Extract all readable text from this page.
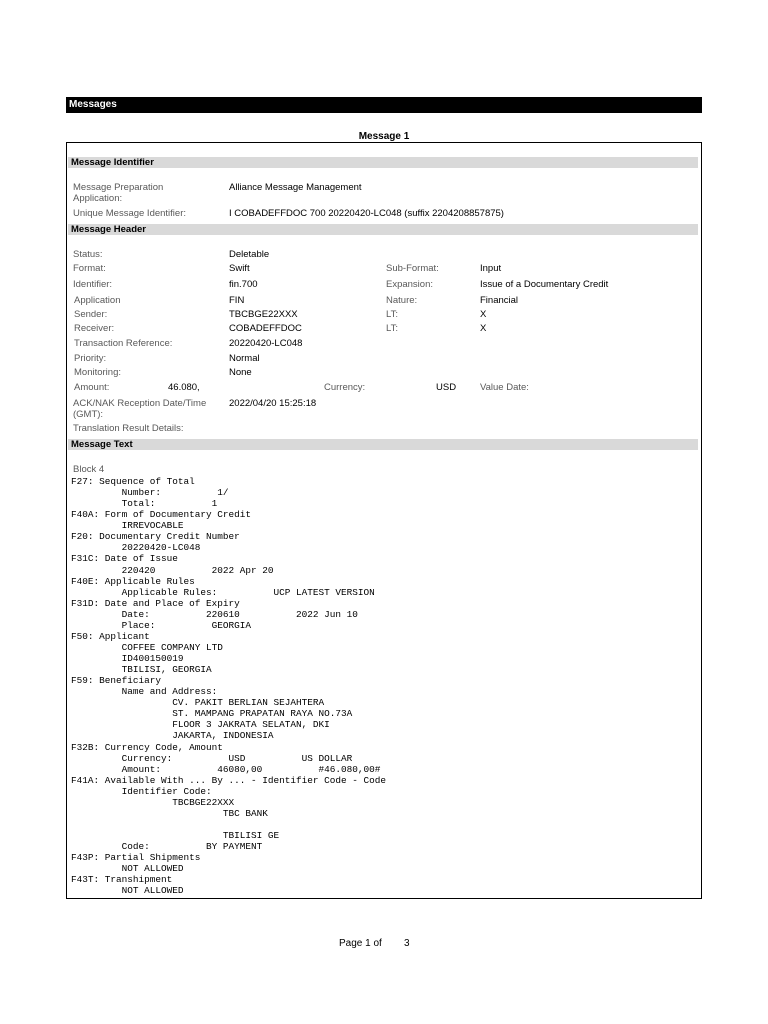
Messages
Message 1
Message Identifier
Message Preparation Application:
Alliance Message Management
Unique Message Identifier:	I COBADEFFDOC 700 20220420-LC048 (suffix 2204208857875)
Message Header
Status:	Deletable
Format:	Swift	Sub-Format:	Input
Identifier:	fin.700	Expansion:	Issue of a Documentary Credit
Application	FIN	Nature:	Financial
Sender:	TBCBGE22XXX	LT:	X
Receiver:	COBADEFFDOC	LT:	X
Transaction Reference:	20220420-LC048
Priority:	Normal
Monitoring:	None
Amount:	46.080,	Currency:	USD	Value Date:
ACK/NAK Reception Date/Time (GMT):
2022/04/20 15:25:18
Translation Result Details:
Message Text
Block 4
F27: Sequence of Total
Number:          1/
Total:          1
F40A: Form of Documentary Credit
IRREVOCABLE
F20: Documentary Credit Number
20220420-LC048
F31C: Date of Issue
220420          2022 Apr 20
F40E: Applicable Rules
Applicable Rules:          UCP LATEST VERSION
F31D: Date and Place of Expiry
Date:          220610          2022 Jun 10
Place:          GEORGIA
F50: Applicant
COFFEE COMPANY LTD
ID400150019
TBILISI, GEORGIA
F59: Beneficiary
Name and Address:
CV. PAKIT BERLIAN SEJAHTERA
ST. MAMPANG PRAPATAN RAYA NO.73A
FLOOR 3 JAKRATA SELATAN, DKI
JAKARTA, INDONESIA
F32B: Currency Code, Amount
Currency:          USD          US DOLLAR
Amount:          46080,00          #46.080,00#
F41A: Available With ... By ... - Identifier Code - Code
Identifier Code:
TBCBGE22XXX
TBC BANK

TBILISI GE
Code:          BY PAYMENT
F43P: Partial Shipments
NOT ALLOWED
F43T: Transhipment
NOT ALLOWED
Page 1 of 3
